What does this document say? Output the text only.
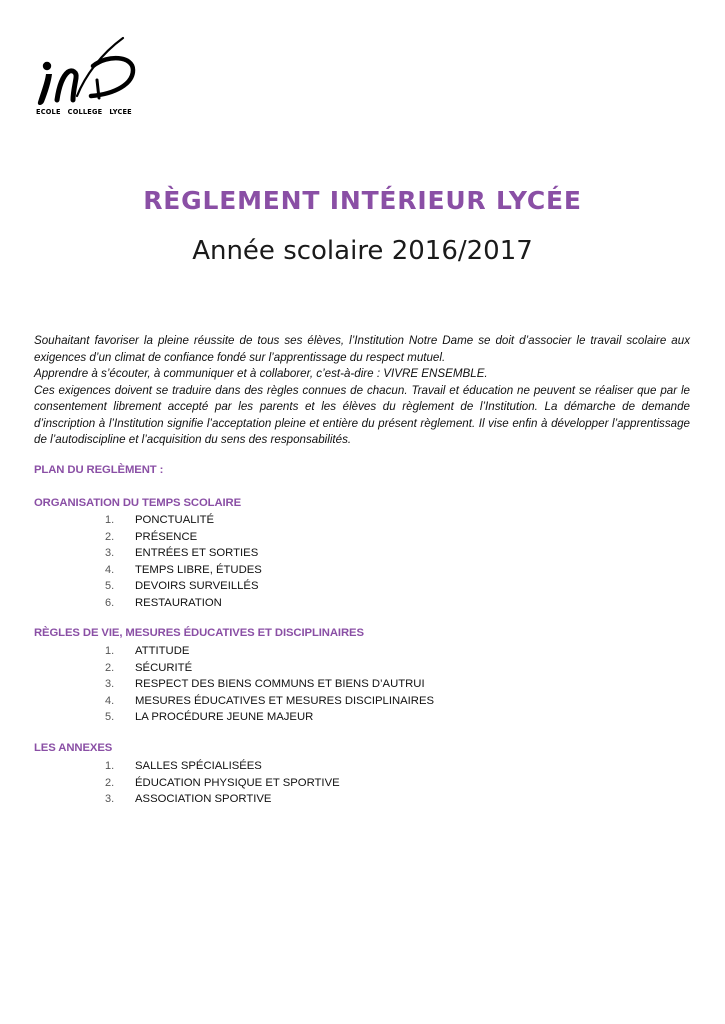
ECOLE COLLEGE LYCEE
RÈGLEMENT INTÉRIEUR LYCÉE
Année scolaire 2016/2017

Souhaitant favoriser la pleine réussite de tous ses élèves, l’Institution Notre Dame se doit d’associer le travail scolaire aux exigences d’un climat de confiance fondé sur l’apprentissage du respect mutuel.

Apprendre à s’écouter, à communiquer et à collaborer, c’est-à-dire : VIVRE ENSEMBLE.

Ces exigences doivent se traduire dans des règles connues de chacun. Travail et éducation ne peuvent se réaliser que par le consentement librement accepté par les parents et les élèves du règlement de l’Institution. La démarche de demande d’inscription à l’Institution signifie l’acceptation pleine et entière du présent règlement. Il vise enfin à développer l’apprentissage de l’autodiscipline et l’acquisition du sens des responsabilités.

PLAN DU REGLÈMENT :
ORGANISATION DU TEMPS SCOLAIRE
1. PONCTUALITÉ
2. PRÉSENCE
3. ENTRÉES ET SORTIES
4. TEMPS LIBRE, ÉTUDES
5. DEVOIRS SURVEILLÉS
6. RESTAURATION
RÈGLES DE VIE, MESURES ÉDUCATIVES ET DISCIPLINAIRES
1. ATTITUDE
2. SÉCURITÉ
3. RESPECT DES BIENS COMMUNS ET BIENS D’AUTRUI
4. MESURES ÉDUCATIVES ET MESURES DISCIPLINAIRES
5. LA PROCÉDURE JEUNE MAJEUR
LES ANNEXES
1. SALLES SPÉCIALISÉES
2. ÉDUCATION PHYSIQUE ET SPORTIVE
3. ASSOCIATION SPORTIVE
